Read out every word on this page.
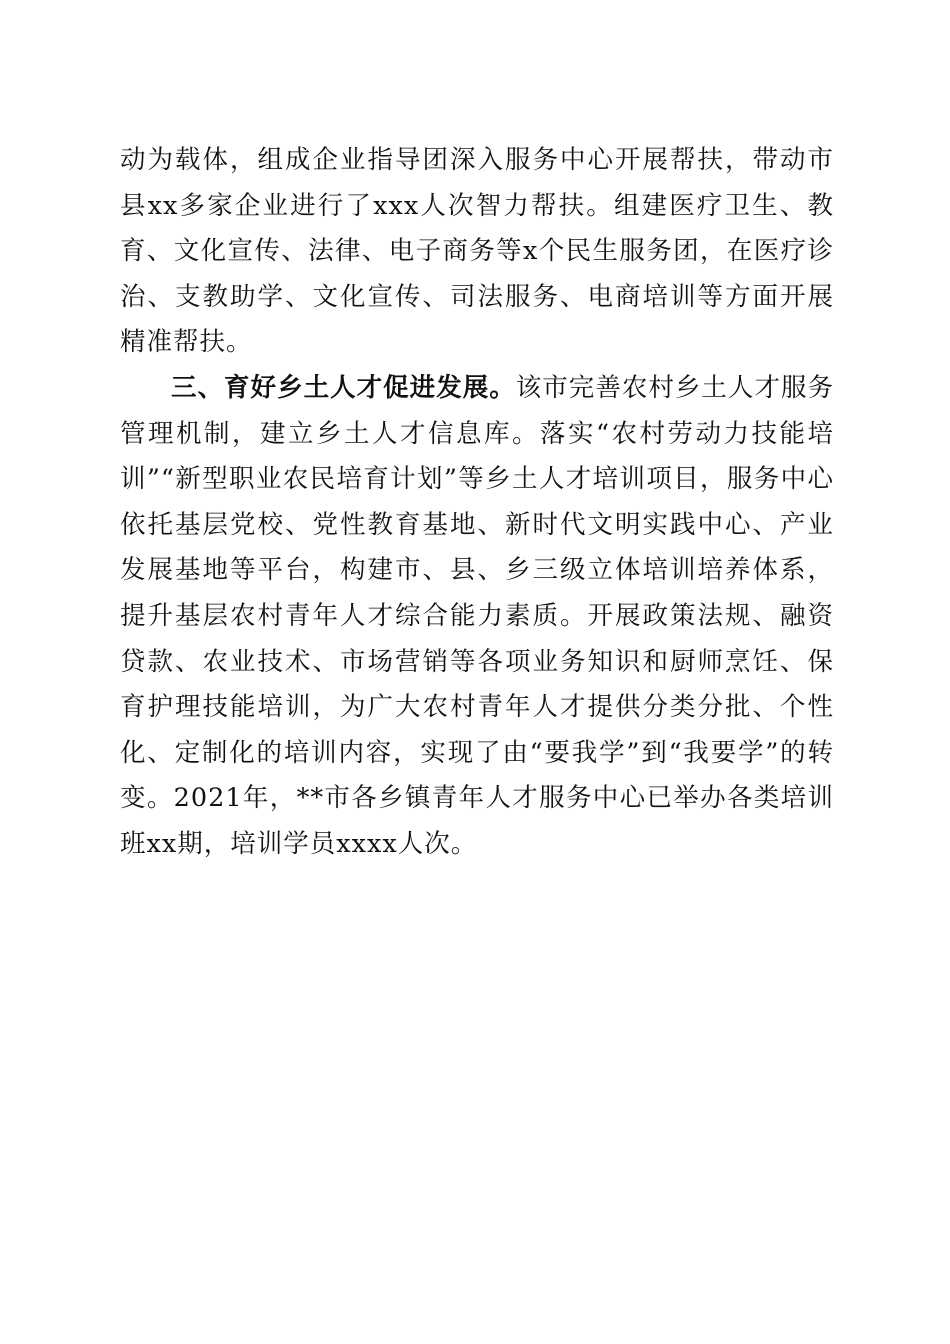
动为载体，组成企业指导团深入服务中心开展帮扶，带动市县xx多家企业进行了xxx人次智力帮扶。组建医疗卫生、教育、文化宣传、法律、电子商务等x个民生服务团，在医疗诊治、支教助学、文化宣传、司法服务、电商培训等方面开展精准帮扶。

三、育好乡土人才促进发展。该市完善农村乡土人才服务管理机制，建立乡土人才信息库。落实“农村劳动力技能培训”“新型职业农民培育计划”等乡土人才培训项目，服务中心依托基层党校、党性教育基地、新时代文明实践中心、产业发展基地等平台，构建市、县、乡三级立体培训培养体系，提升基层农村青年人才综合能力素质。开展政策法规、融资贷款、农业技术、市场营销等各项业务知识和厨师烹饪、保育护理技能培训，为广大农村青年人才提供分类分批、个性化、定制化的培训内容，实现了由“要我学”到“我要学”的转变。2021年，**市各乡镇青年人才服务中心已举办各类培训班xx期，培训学员xxxx人次。
